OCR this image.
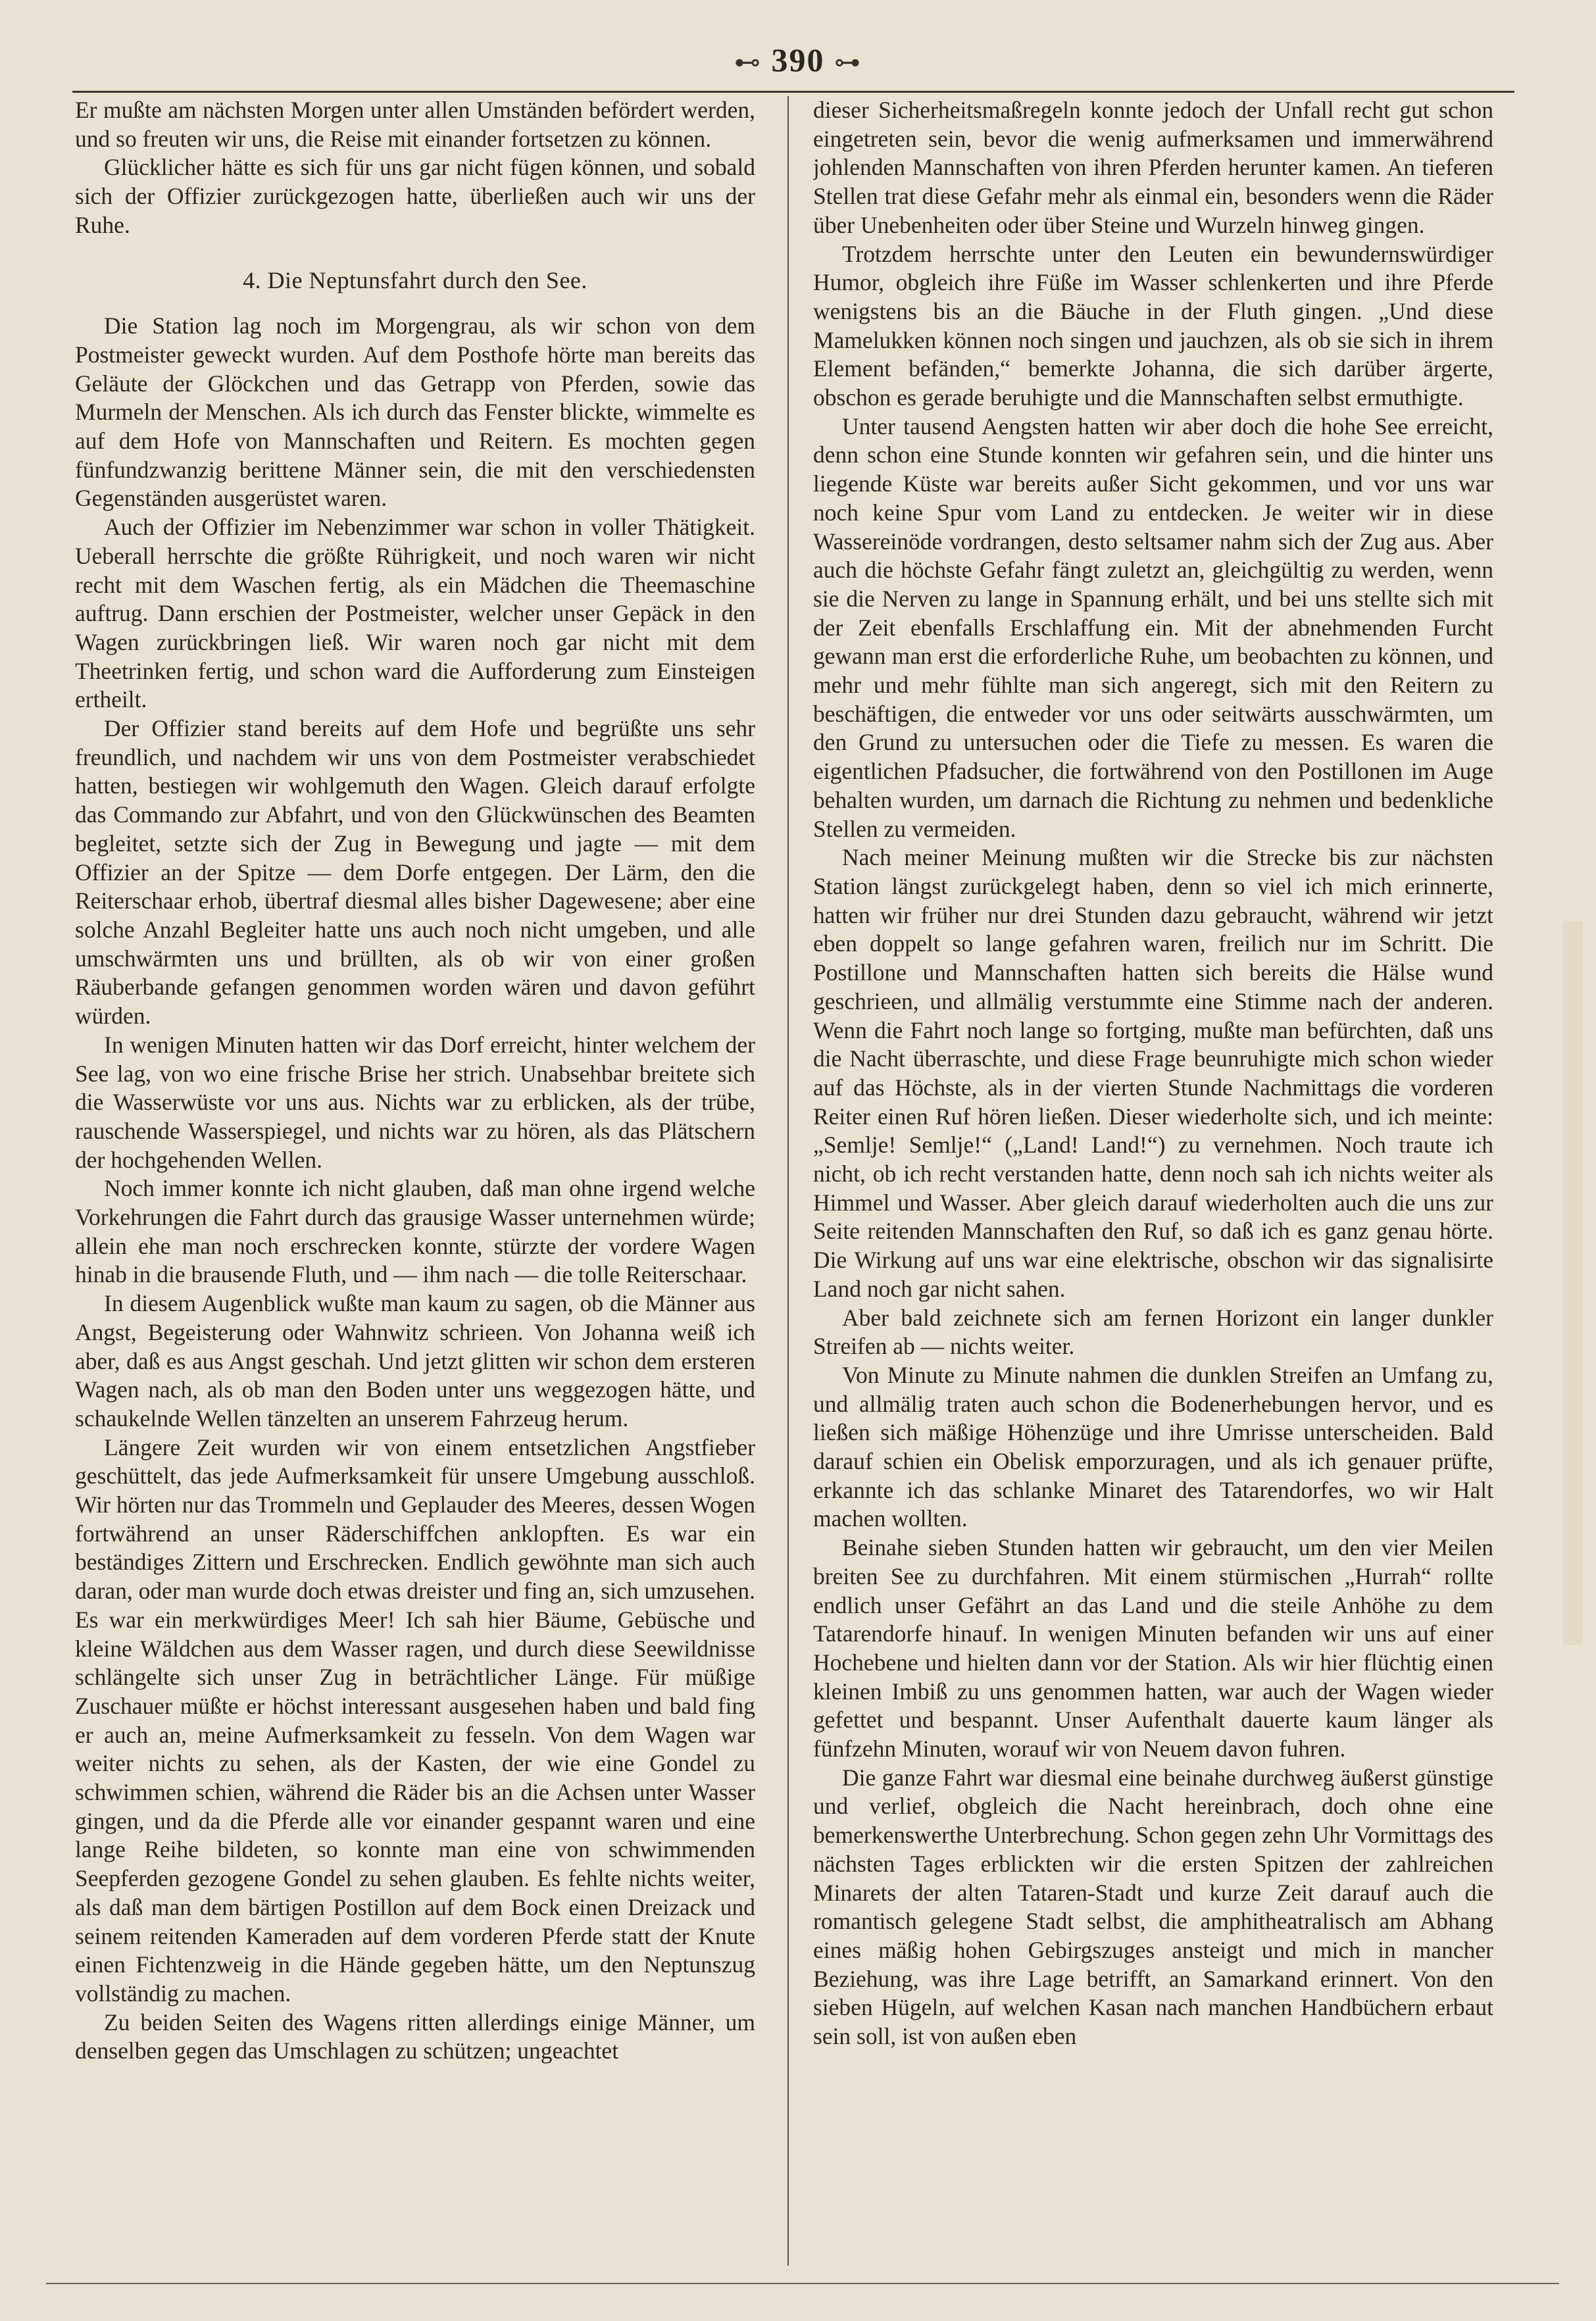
⊷ 390 ⊶

Er mußte am nächsten Morgen unter allen Umständen befördert werden, und so freuten wir uns, die Reise mit einander fortsetzen zu können.

Glücklicher hätte es sich für uns gar nicht fügen können, und sobald sich der Offizier zurückgezogen hatte, überließen auch wir uns der Ruhe.

4. Die Neptunsfahrt durch den See.

Die Station lag noch im Morgengrau, als wir schon von dem Postmeister geweckt wurden. Auf dem Posthofe hörte man bereits das Geläute der Glöckchen und das Getrapp von Pferden, sowie das Murmeln der Menschen. Als ich durch das Fenster blickte, wimmelte es auf dem Hofe von Mannschaften und Reitern. Es mochten gegen fünfundzwanzig berittene Männer sein, die mit den verschiedensten Gegenständen ausgerüstet waren.

Auch der Offizier im Nebenzimmer war schon in voller Thätigkeit. Ueberall herrschte die größte Rührigkeit, und noch waren wir nicht recht mit dem Waschen fertig, als ein Mädchen die Theemaschine auftrug. Dann erschien der Postmeister, welcher unser Gepäck in den Wagen zurückbringen ließ. Wir waren noch gar nicht mit dem Theetrinken fertig, und schon ward die Aufforderung zum Einsteigen ertheilt.

Der Offizier stand bereits auf dem Hofe und begrüßte uns sehr freundlich, und nachdem wir uns von dem Postmeister verabschiedet hatten, bestiegen wir wohlgemuth den Wagen. Gleich darauf erfolgte das Commando zur Abfahrt, und von den Glückwünschen des Beamten begleitet, setzte sich der Zug in Bewegung und jagte — mit dem Offizier an der Spitze — dem Dorfe entgegen. Der Lärm, den die Reiterschaar erhob, übertraf diesmal alles bisher Dagewesene; aber eine solche Anzahl Begleiter hatte uns auch noch nicht umgeben, und alle umschwärmten uns und brüllten, als ob wir von einer großen Räuberbande gefangen genommen worden wären und davon geführt würden.

In wenigen Minuten hatten wir das Dorf erreicht, hinter welchem der See lag, von wo eine frische Brise her strich. Unabsehbar breitete sich die Wasserwüste vor uns aus. Nichts war zu erblicken, als der trübe, rauschende Wasserspiegel, und nichts war zu hören, als das Plätschern der hochgehenden Wellen.

Noch immer konnte ich nicht glauben, daß man ohne irgend welche Vorkehrungen die Fahrt durch das grausige Wasser unternehmen würde; allein ehe man noch erschrecken konnte, stürzte der vordere Wagen hinab in die brausende Fluth, und — ihm nach — die tolle Reiterschaar.

In diesem Augenblick wußte man kaum zu sagen, ob die Männer aus Angst, Begeisterung oder Wahnwitz schrieen. Von Johanna weiß ich aber, daß es aus Angst geschah. Und jetzt glitten wir schon dem ersteren Wagen nach, als ob man den Boden unter uns weggezogen hätte, und schaukelnde Wellen tänzelten an unserem Fahrzeug herum.

Längere Zeit wurden wir von einem entsetzlichen Angstfieber geschüttelt, das jede Aufmerksamkeit für unsere Umgebung ausschloß. Wir hörten nur das Trommeln und Geplauder des Meeres, dessen Wogen fortwährend an unser Räderschiffchen anklopften. Es war ein beständiges Zittern und Erschrecken. Endlich gewöhnte man sich auch daran, oder man wurde doch etwas dreister und fing an, sich umzusehen. Es war ein merkwürdiges Meer! Ich sah hier Bäume, Gebüsche und kleine Wäldchen aus dem Wasser ragen, und durch diese Seewildnisse schlängelte sich unser Zug in beträchtlicher Länge. Für müßige Zuschauer müßte er höchst interessant ausgesehen haben und bald fing er auch an, meine Aufmerksamkeit zu fesseln. Von dem Wagen war weiter nichts zu sehen, als der Kasten, der wie eine Gondel zu schwimmen schien, während die Räder bis an die Achsen unter Wasser gingen, und da die Pferde alle vor einander gespannt waren und eine lange Reihe bildeten, so konnte man eine von schwimmenden Seepferden gezogene Gondel zu sehen glauben. Es fehlte nichts weiter, als daß man dem bärtigen Postillon auf dem Bock einen Dreizack und seinem reitenden Kameraden auf dem vorderen Pferde statt der Knute einen Fichtenzweig in die Hände gegeben hätte, um den Neptunszug vollständig zu machen.

Zu beiden Seiten des Wagens ritten allerdings einige Männer, um denselben gegen das Umschlagen zu schützen; ungeachtet

dieser Sicherheitsmaßregeln konnte jedoch der Unfall recht gut schon eingetreten sein, bevor die wenig aufmerksamen und immerwährend johlenden Mannschaften von ihren Pferden herunter kamen. An tieferen Stellen trat diese Gefahr mehr als einmal ein, besonders wenn die Räder über Unebenheiten oder über Steine und Wurzeln hinweg gingen.

Trotzdem herrschte unter den Leuten ein bewundernswürdiger Humor, obgleich ihre Füße im Wasser schlenkerten und ihre Pferde wenigstens bis an die Bäuche in der Fluth gingen. „Und diese Mamelukken können noch singen und jauchzen, als ob sie sich in ihrem Element befänden,“ bemerkte Johanna, die sich darüber ärgerte, obschon es gerade beruhigte und die Mannschaften selbst ermuthigte.

Unter tausend Aengsten hatten wir aber doch die hohe See erreicht, denn schon eine Stunde konnten wir gefahren sein, und die hinter uns liegende Küste war bereits außer Sicht gekommen, und vor uns war noch keine Spur vom Land zu entdecken. Je weiter wir in diese Wassereinöde vordrangen, desto seltsamer nahm sich der Zug aus. Aber auch die höchste Gefahr fängt zuletzt an, gleichgültig zu werden, wenn sie die Nerven zu lange in Spannung erhält, und bei uns stellte sich mit der Zeit ebenfalls Erschlaffung ein. Mit der abnehmenden Furcht gewann man erst die erforderliche Ruhe, um beobachten zu können, und mehr und mehr fühlte man sich angeregt, sich mit den Reitern zu beschäftigen, die entweder vor uns oder seitwärts ausschwärmten, um den Grund zu untersuchen oder die Tiefe zu messen. Es waren die eigentlichen Pfadsucher, die fortwährend von den Postillonen im Auge behalten wurden, um darnach die Richtung zu nehmen und bedenkliche Stellen zu vermeiden.

Nach meiner Meinung mußten wir die Strecke bis zur nächsten Station längst zurückgelegt haben, denn so viel ich mich erinnerte, hatten wir früher nur drei Stunden dazu gebraucht, während wir jetzt eben doppelt so lange gefahren waren, freilich nur im Schritt. Die Postillone und Mannschaften hatten sich bereits die Hälse wund geschrieen, und allmälig verstummte eine Stimme nach der anderen. Wenn die Fahrt noch lange so fortging, mußte man befürchten, daß uns die Nacht überraschte, und diese Frage beunruhigte mich schon wieder auf das Höchste, als in der vierten Stunde Nachmittags die vorderen Reiter einen Ruf hören ließen. Dieser wiederholte sich, und ich meinte: „Semlje! Semlje!“ („Land! Land!“) zu vernehmen. Noch traute ich nicht, ob ich recht verstanden hatte, denn noch sah ich nichts weiter als Himmel und Wasser. Aber gleich darauf wiederholten auch die uns zur Seite reitenden Mannschaften den Ruf, so daß ich es ganz genau hörte. Die Wirkung auf uns war eine elektrische, obschon wir das signalisirte Land noch gar nicht sahen.

Aber bald zeichnete sich am fernen Horizont ein langer dunkler Streifen ab — nichts weiter.

Von Minute zu Minute nahmen die dunklen Streifen an Umfang zu, und allmälig traten auch schon die Bodenerhebungen hervor, und es ließen sich mäßige Höhenzüge und ihre Umrisse unterscheiden. Bald darauf schien ein Obelisk emporzuragen, und als ich genauer prüfte, erkannte ich das schlanke Minaret des Tatarendorfes, wo wir Halt machen wollten.

Beinahe sieben Stunden hatten wir gebraucht, um den vier Meilen breiten See zu durchfahren. Mit einem stürmischen „Hurrah“ rollte endlich unser Gefährt an das Land und die steile Anhöhe zu dem Tatarendorfe hinauf. In wenigen Minuten befanden wir uns auf einer Hochebene und hielten dann vor der Station. Als wir hier flüchtig einen kleinen Imbiß zu uns genommen hatten, war auch der Wagen wieder gefettet und bespannt. Unser Aufenthalt dauerte kaum länger als fünfzehn Minuten, worauf wir von Neuem davon fuhren.

Die ganze Fahrt war diesmal eine beinahe durchweg äußerst günstige und verlief, obgleich die Nacht hereinbrach, doch ohne eine bemerkenswerthe Unterbrechung. Schon gegen zehn Uhr Vormittags des nächsten Tages erblickten wir die ersten Spitzen der zahlreichen Minarets der alten Tataren-Stadt und kurze Zeit darauf auch die romantisch gelegene Stadt selbst, die amphitheatralisch am Abhang eines mäßig hohen Gebirgszuges ansteigt und mich in mancher Beziehung, was ihre Lage betrifft, an Samarkand erinnert. Von den sieben Hügeln, auf welchen Kasan nach manchen Handbüchern erbaut sein soll, ist von außen eben
